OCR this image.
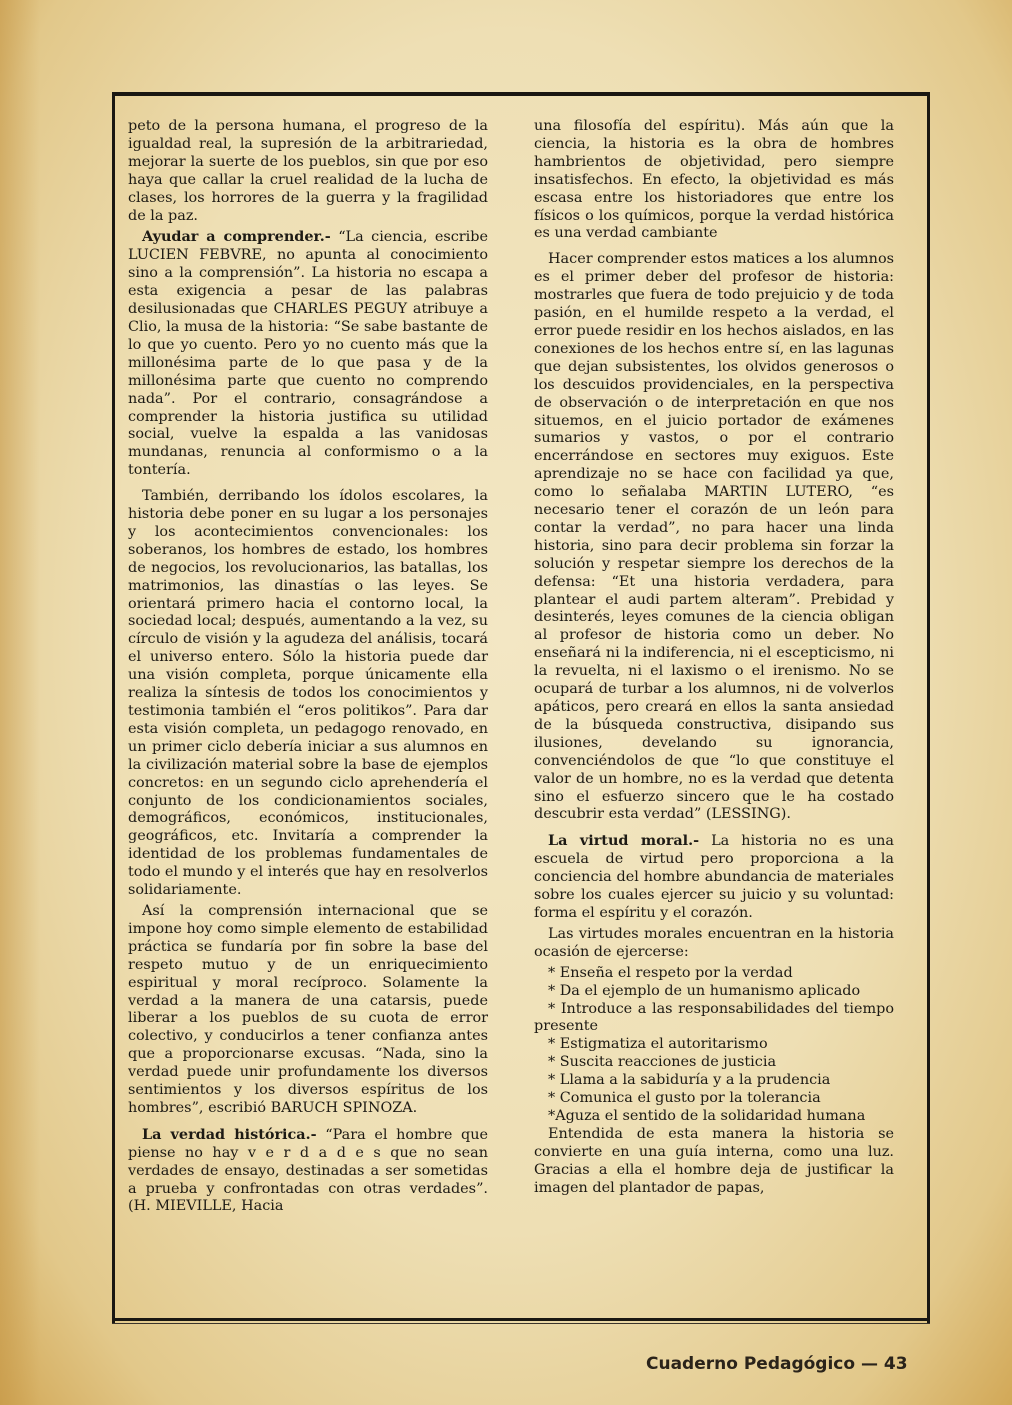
peto de la persona humana, el progreso de la igualdad real, la supresión de la arbitrariedad, mejorar la suerte de los pueblos, sin que por eso haya que callar la cruel realidad de la lucha de clases, los horrores de la guerra y la fragilidad de la paz.

Ayudar a comprender.- “La ciencia, escribe LUCIEN FEBVRE, no apunta al conocimiento sino a la comprensión”. La historia no escapa a esta exigencia a pesar de las palabras desilusionadas que CHARLES PEGUY atribuye a Clio, la musa de la historia: “Se sabe bastante de lo que yo cuento. Pero yo no cuento más que la millonésima parte de lo que pasa y de la millonésima parte que cuento no comprendo nada”. Por el contrario, consagrándose a comprender la historia justifica su utilidad social, vuelve la espalda a las vanidosas mundanas, renuncia al conformismo o a la tontería.

También, derribando los ídolos escolares, la historia debe poner en su lugar a los personajes y los acontecimientos convencionales: los soberanos, los hombres de estado, los hombres de negocios, los revolucionarios, las batallas, los matrimonios, las dinastías o las leyes. Se orientará primero hacia el contorno local, la sociedad local; después, aumentando a la vez, su círculo de visión y la agudeza del análisis, tocará el universo entero. Sólo la historia puede dar una visión completa, porque únicamente ella realiza la síntesis de todos los conocimientos y testimonia también el “eros politikos”. Para dar esta visión completa, un pedagogo renovado, en un primer ciclo debería iniciar a sus alumnos en la civilización material sobre la base de ejemplos concretos: en un segundo ciclo aprehendería el conjunto de los condicionamientos sociales, demográficos, económicos, institucionales, geográficos, etc. Invitaría a comprender la identidad de los problemas fundamentales de todo el mundo y el interés que hay en resolverlos solidariamente.

Así la comprensión internacional que se impone hoy como simple elemento de estabilidad práctica se fundaría por fin sobre la base del respeto mutuo y de un enriquecimiento espiritual y moral recíproco. Solamente la verdad a la manera de una catarsis, puede liberar a los pueblos de su cuota de error colectivo, y conducirlos a tener confianza antes que a proporcionarse excusas. “Nada, sino la verdad puede unir profundamente los diversos sentimientos y los diversos espíritus de los hombres”, escribió BARUCH SPINOZA.

La verdad histórica.- “Para el hombre que piense no hay v e r d a d e s que no sean verdades de ensayo, destinadas a ser sometidas a prueba y confrontadas con otras verdades”. (H. MIEVILLE, Hacia

una filosofía del espíritu). Más aún que la ciencia, la historia es la obra de hombres hambrientos de objetividad, pero siempre insatisfechos. En efecto, la objetividad es más escasa entre los historiadores que entre los físicos o los químicos, porque la verdad histórica es una verdad cambiante

Hacer comprender estos matices a los alumnos es el primer deber del profesor de historia: mostrarles que fuera de todo prejuicio y de toda pasión, en el humilde respeto a la verdad, el error puede residir en los hechos aislados, en las conexiones de los hechos entre sí, en las lagunas que dejan subsistentes, los olvidos generosos o los descuidos providenciales, en la perspectiva de observación o de interpretación en que nos situemos, en el juicio portador de exámenes sumarios y vastos, o por el contrario encerrándose en sectores muy exiguos. Este aprendizaje no se hace con facilidad ya que, como lo señalaba MARTIN LUTERO, “es necesario tener el corazón de un león para contar la verdad”, no para hacer una linda historia, sino para decir problema sin forzar la solución y respetar siempre los derechos de la defensa: “Et una historia verdadera, para plantear el audi partem alteram”. Prebidad y desinterés, leyes comunes de la ciencia obligan al profesor de historia como un deber. No enseñará ni la indiferencia, ni el escepticismo, ni la revuelta, ni el laxismo o el irenismo. No se ocupará de turbar a los alumnos, ni de volverlos apáticos, pero creará en ellos la santa ansiedad de la búsqueda constructiva, disipando sus ilusiones, develando su ignorancia, convenciéndolos de que “lo que constituye el valor de un hombre, no es la verdad que detenta sino el esfuerzo sincero que le ha costado descubrir esta verdad” (LESSING).

La virtud moral.- La historia no es una escuela de virtud pero proporciona a la conciencia del hombre abundancia de materiales sobre los cuales ejercer su juicio y su voluntad: forma el espíritu y el corazón.

Las virtudes morales encuentran en la historia ocasión de ejercerse:

* Enseña el respeto por la verdad
* Da el ejemplo de un humanismo aplicado
* Introduce a las responsabilidades del tiempo presente
* Estigmatiza el autoritarismo
* Suscita reacciones de justicia
* Llama a la sabiduría y a la prudencia
* Comunica el gusto por la tolerancia
*Aguza el sentido de la solidaridad humana

Entendida de esta manera la historia se convierte en una guía interna, como una luz. Gracias a ella el hombre deja de justificar la imagen del plantador de papas,

Cuaderno Pedagógico — 43
